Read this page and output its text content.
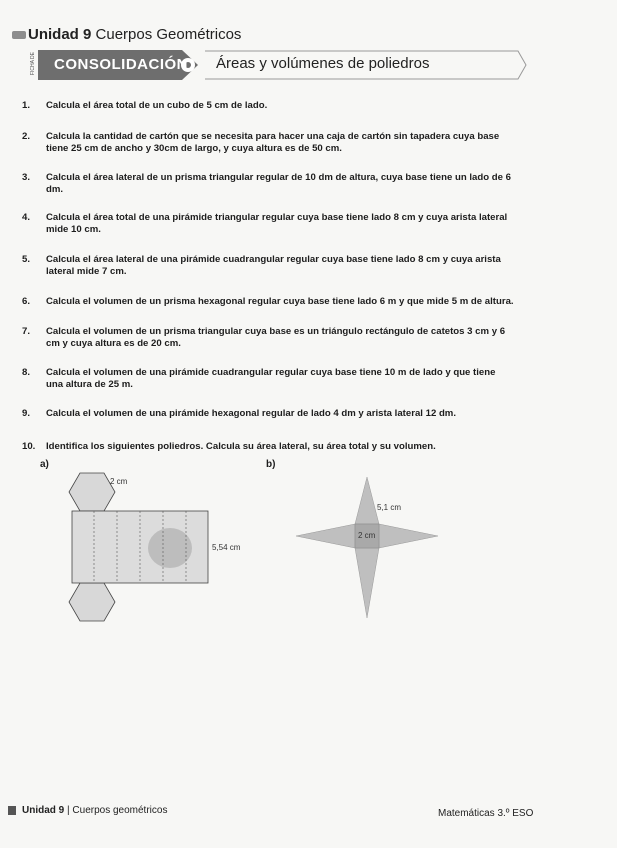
Unidad 9 Cuerpos Geométricos
FICHA DE CONSOLIDACIÓN Áreas y volúmenes de poliedros
1.	Calcula el área total de un cubo de 5 cm de lado.
2.	Calcula la cantidad de cartón que se necesita para hacer una caja de cartón sin tapadera cuya base
tiene 25 cm de ancho y 30cm de largo, y cuya altura es de 50 cm.
3.	Calcula el área lateral de un prisma triangular regular de 10 dm de altura, cuya base tiene un lado de 6
dm.
4.	Calcula el área total de una pirámide triangular regular cuya base tiene lado 8 cm y cuya arista lateral
mide 10 cm.
5.	Calcula el área lateral de una pirámide cuadrangular regular cuya base tiene lado 8 cm y cuya arista
lateral mide 7 cm.
6.	Calcula el volumen de un prisma hexagonal regular cuya base tiene lado 6 m y que mide 5 m de altura.
7.	Calcula el volumen de un prisma triangular cuya base es un triángulo rectángulo de catetos 3 cm y 6
cm y cuya altura es de 20 cm.
8.	Calcula el volumen de una pirámide cuadrangular regular cuya base tiene 10 m de lado y que tiene
una altura de 25 m.
9.	Calcula el volumen de una pirámide hexagonal regular de lado 4 dm y arista lateral 12 dm.
10.	Identifica los siguientes poliedros. Calcula su área lateral, su área total y su volumen.
a)	b)
2 cm
5,54 cm
5,1 cm
2 cm
Unidad 9 | Cuerpos geométricos	Matemáticas 3.º ESO
